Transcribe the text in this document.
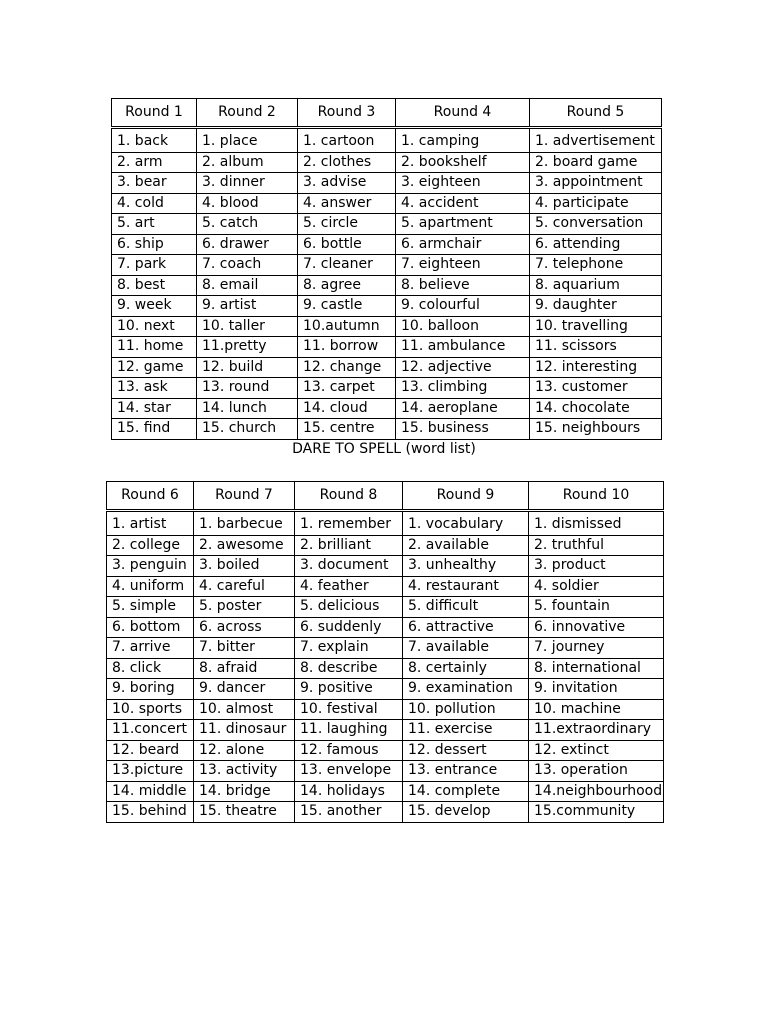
Round 1	Round 2	Round 3	Round 4	Round 5
1. back	1. place	1. cartoon	1. camping	1. advertisement
2. arm	2. album	2. clothes	2. bookshelf	2. board game
3. bear	3. dinner	3. advise	3. eighteen	3. appointment
4. cold	4. blood	4. answer	4. accident	4. participate
5. art	5. catch	5. circle	5. apartment	5. conversation
6. ship	6. drawer	6. bottle	6. armchair	6. attending
7. park	7. coach	7. cleaner	7. eighteen	7. telephone
8. best	8. email	8. agree	8. believe	8. aquarium
9. week	9. artist	9. castle	9. colourful	9. daughter
10. next	10. taller	10.autumn	10. balloon	10. travelling
11. home	11.pretty	11. borrow	11. ambulance	11. scissors
12. game	12. build	12. change	12. adjective	12. interesting
13. ask	13. round	13. carpet	13. climbing	13. customer
14. star	14. lunch	14. cloud	14. aeroplane	14. chocolate
15. find	15. church	15. centre	15. business	15. neighbours
DARE TO SPELL (word list)
Round 6	Round 7	Round 8	Round 9	Round 10
1. artist	1. barbecue	1. remember	1. vocabulary	1. dismissed
2. college	2. awesome	2. brilliant	2. available	2. truthful
3. penguin	3. boiled	3. document	3. unhealthy	3. product
4. uniform	4. careful	4. feather	4. restaurant	4. soldier
5. simple	5. poster	5. delicious	5. difficult	5. fountain
6. bottom	6. across	6. suddenly	6. attractive	6. innovative
7. arrive	7. bitter	7. explain	7. available	7. journey
8. click	8. afraid	8. describe	8. certainly	8. international
9. boring	9. dancer	9. positive	9. examination	9. invitation
10. sports	10. almost	10. festival	10. pollution	10. machine
11.concert	11. dinosaur	11. laughing	11. exercise	11.extraordinary
12. beard	12. alone	12. famous	12. dessert	12. extinct
13.picture	13. activity	13. envelope	13. entrance	13. operation
14. middle	14. bridge	14. holidays	14. complete	14.neighbourhood
15. behind	15. theatre	15. another	15. develop	15.community
